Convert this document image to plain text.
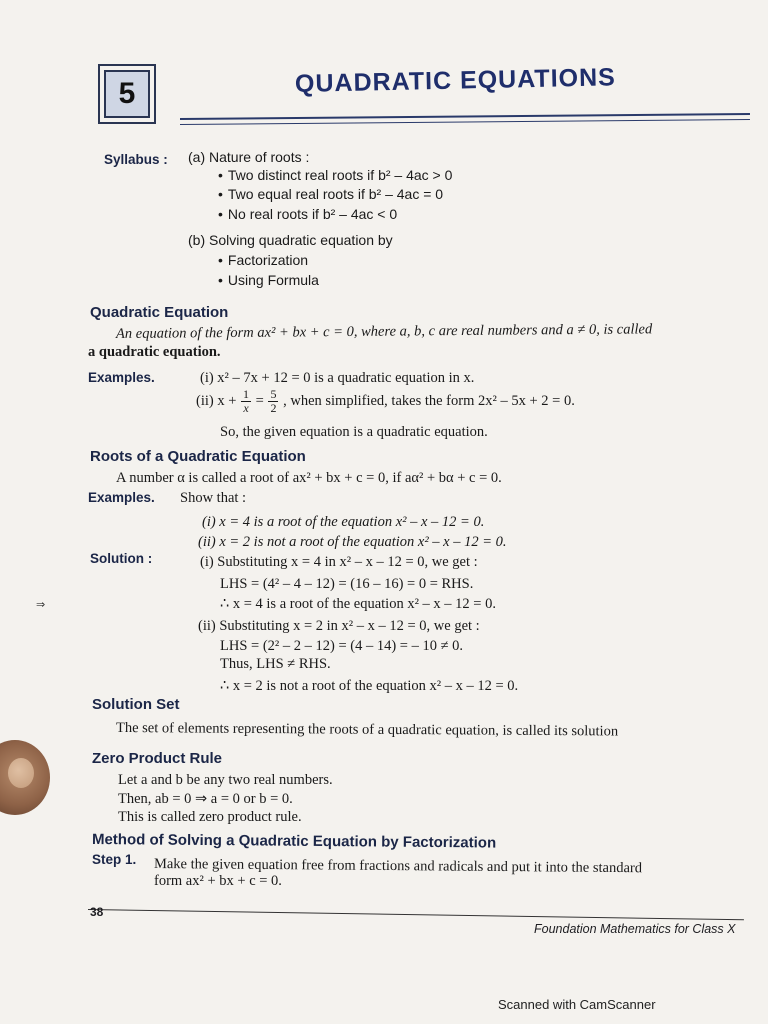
5	QUADRATIC EQUATIONS
Syllabus : (a) Nature of roots :
• Two distinct real roots if b² – 4ac > 0
• Two equal real roots if b² – 4ac = 0
• No real roots if b² – 4ac < 0
(b) Solving quadratic equation by
• Factorization
• Using Formula
Quadratic Equation
An equation of the form ax² + bx + c = 0, where a, b, c are real numbers and a ≠ 0, is called
a quadratic equation.
Examples.	(i) x² – 7x + 12 = 0 is a quadratic equation in x.
(ii) $x + \frac{1}{x} = \frac{5}{2}$ , when simplified, takes the form 2x² – 5x + 2 = 0.
So, the given equation is a quadratic equation.
Roots of a Quadratic Equation
A number α is called a root of ax² + bx + c = 0, if aα² + bα + c = 0.
Examples. Show that :
(i) x = 4 is a root of the equation x² – x – 12 = 0.
(ii) x = 2 is not a root of the equation x² – x – 12 = 0.
Solution :	(i) Substituting x = 4 in x² – x – 12 = 0, we get :
LHS = (4² – 4 – 12) = (16 – 16) = 0 = RHS.
∴ x = 4 is a root of the equation x² – x – 12 = 0.
(ii) Substituting x = 2 in x² – x – 12 = 0, we get :
LHS = (2² – 2 – 12) = (4 – 14) = – 10 ≠ 0.
Thus, LHS ≠ RHS.
∴ x = 2 is not a root of the equation x² – x – 12 = 0.
⇒
Solution Set
The set of elements representing the roots of a quadratic equation, is called its solution
Zero Product Rule
Let a and b be any two real numbers.
Then, ab = 0 ⇒ a = 0 or b = 0.
This is called zero product rule.
Method of Solving a Quadratic Equation by Factorization
Step 1. Make the given equation free from fractions and radicals and put it into the standard
form ax² + bx + c = 0.
38
Foundation Mathematics for Class X
Scanned with CamScanner
